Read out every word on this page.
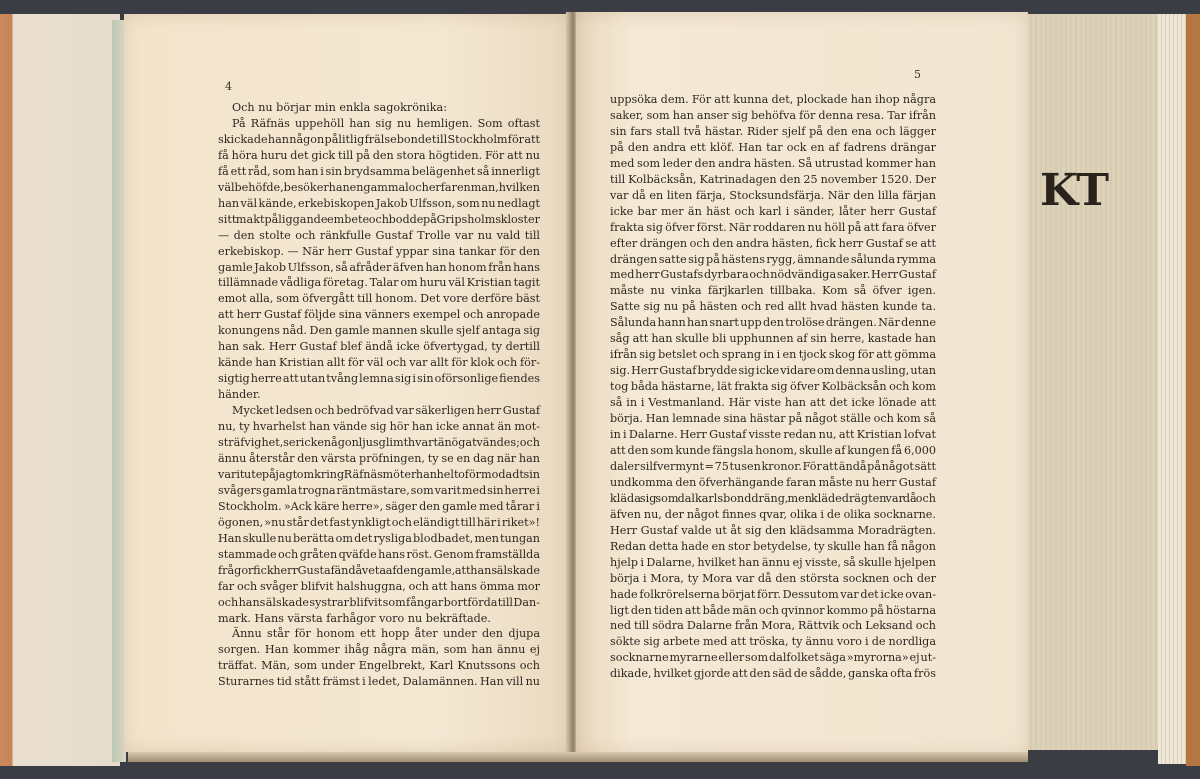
KT
4
Och nu börjar min enkla sagokrönika:
På Räfnäs uppehöll han sig nu hemligen. Som oftast
skickade han någon pålitlig frälsebonde till Stockholm för att
få höra huru det gick till på den stora högtiden. För att nu
få ett råd, som han i sin brydsamma belägenhet så innerligt
väl behöfde, besöker han en gammal och erfaren man, hvilken
han väl kände, erkebiskopen Jakob Ulfsson, som nu nedlagt
sitt maktpåliggande embete och bodde på Gripsholms kloster
— den stolte och ränkfulle Gustaf Trolle var nu vald till
erkebiskop. — När herr Gustaf yppar sina tankar för den
gamle Jakob Ulfsson, så afråder äfven han honom från hans
tillämnade vådliga företag. Talar om huru väl Kristian tagit
emot alla, som öfvergått till honom. Det vore derföre bäst
att herr Gustaf följde sina vänners exempel och anropade
konungens nåd. Den gamle mannen skulle sjelf antaga sig
han sak. Herr Gustaf blef ändå icke öfvertygad, ty dertill
kände han Kristian allt för väl och var allt för klok och för-
sigtig herre att utan tvång lemna sig i sin oförsonlige fiendes
händer.
Mycket ledsen och bedröfvad var säkerligen herr Gustaf
nu, ty hvarhelst han vände sig hör han icke annat än mot-
sträfvighet, ser icke någon ljusglimt hvart än ögat vändes; och
ännu återstår den värsta pröfningen, ty se en dag när han
varit ute på jagt omkring Räfnäs möter han helt oförmodadt sin
svågers gamla trogna räntmästare, som varit med sin herre i
Stockholm. »Ack käre herre», säger den gamle med tårar i
ögonen, »nu står det fast ynkligt och eländigt till här i riket»!
Han skulle nu berätta om det rysliga blodbadet, men tungan
stammade och gråten qväfde hans röst. Genom framställda
frågor fick herr Gustaf ändå veta af den gamle, att hans älskade
far och svåger blifvit halshuggna, och att hans ömma mor
och hans älskade systrar blifvit som fångar bortförda till Dan-
mark. Hans värsta farhågor voro nu bekräftade.
Ännu står för honom ett hopp åter under den djupa
sorgen. Han kommer ihåg några män, som han ännu ej
träffat. Män, som under Engelbrekt, Karl Knutssons och
Sturarnes tid stått främst i ledet, Dalamännen. Han vill nu
5
uppsöka dem. För att kunna det, plockade han ihop några
saker, som han anser sig behöfva för denna resa. Tar ifrån
sin fars stall två hästar. Rider sjelf på den ena och lägger
på den andra ett klöf. Han tar ock en af fadrens drängar
med som leder den andra hästen. Så utrustad kommer han
till Kolbäcksån, Katrinadagen den 25 november 1520. Der
var då en liten färja, Stocksundsfärja. När den lilla färjan
icke bar mer än häst och karl i sänder, låter herr Gustaf
frakta sig öfver först. När roddaren nu höll på att fara öfver
efter drängen och den andra hästen, fick herr Gustaf se att
drängen satte sig på hästens rygg, ämnande sålunda rymma
med herr Gustafs dyrbara och nödvändiga saker. Herr Gustaf
måste nu vinka färjkarlen tillbaka. Kom så öfver igen.
Satte sig nu på hästen och red allt hvad hästen kunde ta.
Sålunda hann han snart upp den trolöse drängen. När denne
såg att han skulle bli upphunnen af sin herre, kastade han
ifrån sig betslet och sprang in i en tjock skog för att gömma
sig. Herr Gustaf brydde sig icke vidare om denna usling, utan
tog båda hästarne, lät frakta sig öfver Kolbäcksån och kom
så in i Vestmanland. Här viste han att det icke lönade att
börja. Han lemnade sina hästar på något ställe och kom så
in i Dalarne. Herr Gustaf visste redan nu, att Kristian lofvat
att den som kunde fängsla honom, skulle af kungen få 6,000
daler silfvermynt = 75 tusen kronor. För att ändå på något sätt
undkomma den öfverhängande faran måste nu herr Gustaf
kläda sig som dalkarlsbonddräng, men klädedrägten var då och
äfven nu, der något finnes qvar, olika i de olika socknarne.
Herr Gustaf valde ut åt sig den klädsamma Moradrägten.
Redan detta hade en stor betydelse, ty skulle han få någon
hjelp i Dalarne, hvilket han ännu ej visste, så skulle hjelpen
börja i Mora, ty Mora var då den största socknen och der
hade folkrörelserna börjat förr. Dessutom var det icke ovan-
ligt den tiden att både män och qvinnor kommo på höstarna
ned till södra Dalarne från Mora, Rättvik och Leksand och
sökte sig arbete med att tröska, ty ännu voro i de nordliga
socknarne myrarne eller som dalfolket säga »myrorna» ej ut-
dikade, hvilket gjorde att den säd de sådde, ganska ofta frös
